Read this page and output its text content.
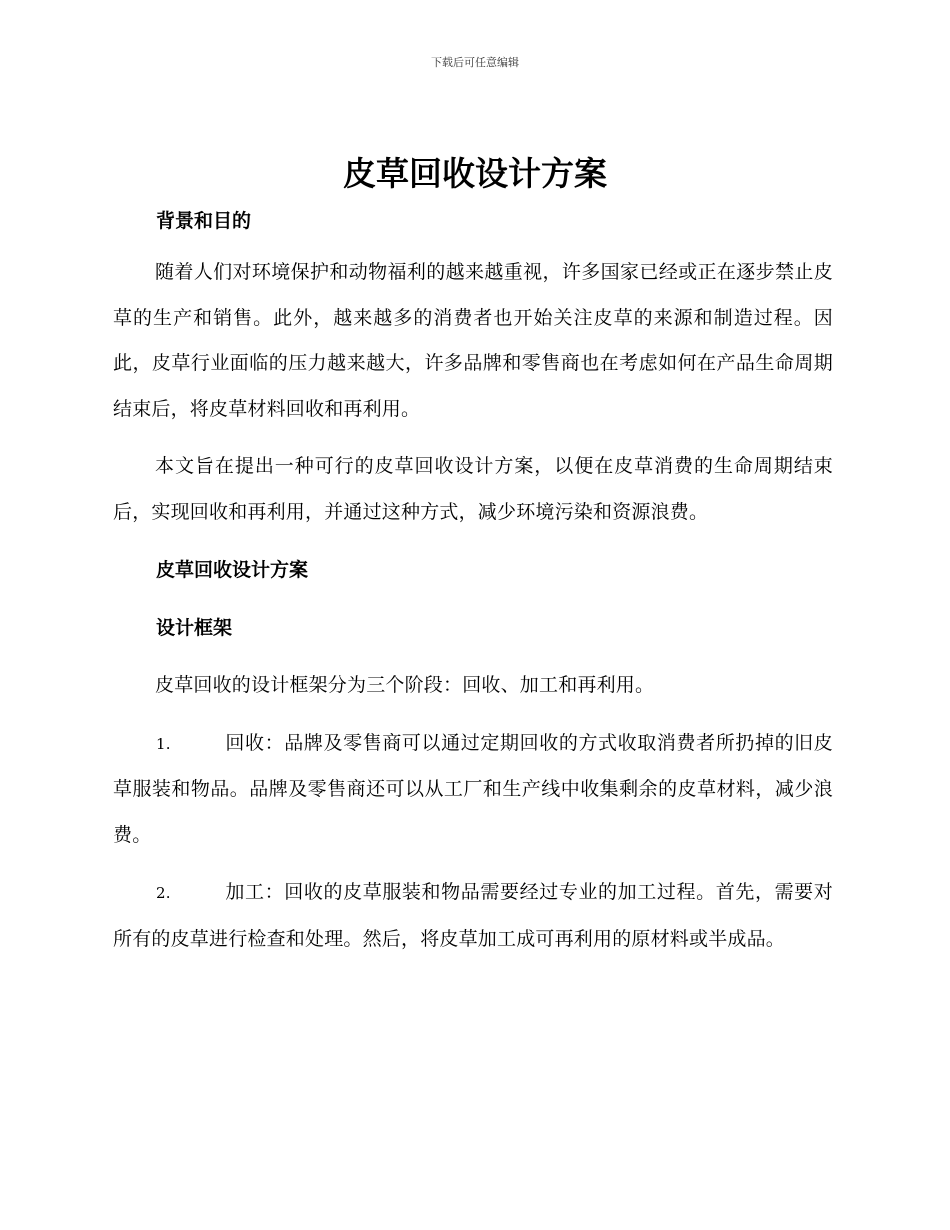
下载后可任意编辑
皮草回收设计方案

背景和目的

随着人们对环境保护和动物福利的越来越重视，许多国家已经或正在逐步禁止皮草的生产和销售。此外，越来越多的消费者也开始关注皮草的来源和制造过程。因此，皮草行业面临的压力越来越大，许多品牌和零售商也在考虑如何在产品生命周期结束后，将皮草材料回收和再利用。

本文旨在提出一种可行的皮草回收设计方案，以便在皮草消费的生命周期结束后，实现回收和再利用，并通过这种方式，减少环境污染和资源浪费。

皮草回收设计方案

设计框架

皮草回收的设计框架分为三个阶段：回收、加工和再利用。

1.	回收：品牌及零售商可以通过定期回收的方式收取消费者所扔掉的旧皮草服装和物品。品牌及零售商还可以从工厂和生产线中收集剩余的皮草材料，减少浪费。

2.	加工：回收的皮草服装和物品需要经过专业的加工过程。首先，需要对所有的皮草进行检查和处理。然后，将皮草加工成可再利用的原材料或半成品。
